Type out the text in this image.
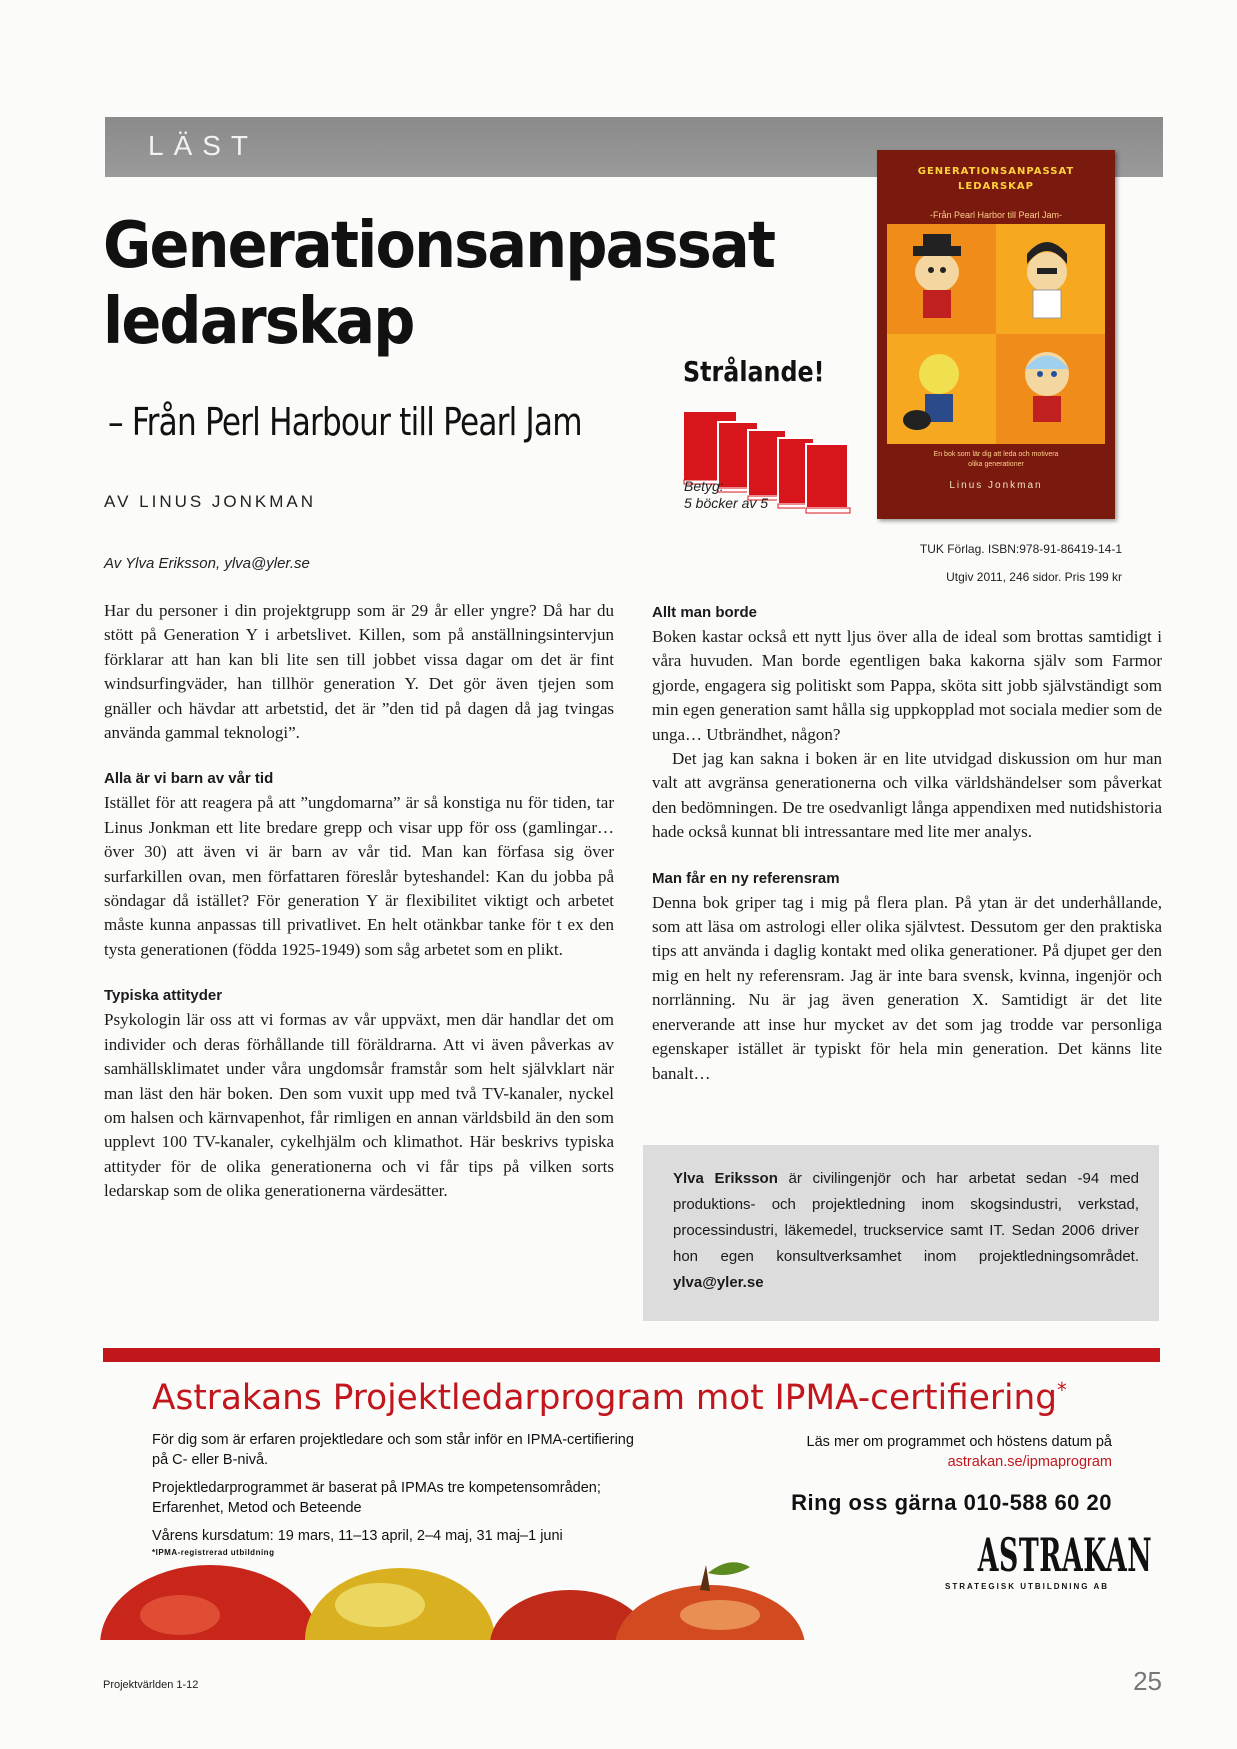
LÄST
Generationsanpassat
ledarskap
– Från Perl Harbour till Pearl Jam
AV LINUS JONKMAN
Av Ylva Eriksson, ylva@yler.se
Strålande!
Betyg:
5 böcker av 5
GENERATIONSANPASSAT
LEDARSKAP
-Från Pearl Harbor till Pearl Jam-
En bok som lär dig att leda och motivera
olika generationer
Linus Jonkman
TUK Förlag. ISBN:978-91-86419-14-1
Utgiv 2011, 246 sidor. Pris 199 kr

Har du personer i din projektgrupp som är 29 år eller yngre? Då har du stött på Generation Y i arbetslivet. Killen, som på anställningsintervjun förklarar att han kan bli lite sen till jobbet vissa dagar om det är fint windsurfingväder, han tillhör generation Y. Det gör även tjejen som gnäller och hävdar att arbetstid, det är ”den tid på dagen då jag tvingas använda gammal teknologi”.

Alla är vi barn av vår tid

Istället för att reagera på att ”ungdomarna” är så konstiga nu för tiden, tar Linus Jonkman ett lite bredare grepp och visar upp för oss (gamlingar…över 30) att även vi är barn av vår tid. Man kan förfasa sig över surfarkillen ovan, men författaren föreslår byteshandel: Kan du jobba på söndagar då istället? För generation Y är flexibilitet viktigt och arbetet måste kunna anpassas till privatlivet. En helt otänkbar tanke för t ex den tysta generationen (födda 1925-1949) som såg arbetet som en plikt.

Typiska attityder

Psykologin lär oss att vi formas av vår uppväxt, men där handlar det om individer och deras förhållande till föräldrarna. Att vi även påverkas av samhällsklimatet under våra ungdomsår framstår som helt självklart när man läst den här boken. Den som vuxit upp med två TV-kanaler, nyckel om halsen och kärnvapenhot, får rimligen en annan världsbild än den som upplevt 100 TV-kanaler, cykelhjälm och klimathot. Här beskrivs typiska attityder för de olika generationerna och vi får tips på vilken sorts ledarskap som de olika generationerna värdesätter.

Allt man borde

Boken kastar också ett nytt ljus över alla de ideal som brottas samtidigt i våra huvuden. Man borde egentligen baka kakorna själv som Farmor gjorde, engagera sig politiskt som Pappa, sköta sitt jobb självständigt som min egen generation samt hålla sig uppkopplad mot sociala medier som de unga… Utbrändhet, någon?

Det jag kan sakna i boken är en lite utvidgad diskussion om hur man valt att avgränsa generationerna och vilka världshändelser som påverkat den bedömningen. De tre osedvanligt långa appendixen med nutidshistoria hade också kunnat bli intressantare med lite mer analys.

Man får en ny referensram

Denna bok griper tag i mig på flera plan. På ytan är det underhållande, som att läsa om astrologi eller olika självtest. Dessutom ger den praktiska tips att använda i daglig kontakt med olika generationer. På djupet ger den mig en helt ny referensram. Jag är inte bara svensk, kvinna, ingenjör och norrlänning. Nu är jag även generation X. Samtidigt är det lite enerverande att inse hur mycket av det som jag trodde var personliga egenskaper istället är typiskt för hela min generation. Det känns lite banalt…

Ylva Eriksson är civilingenjör och har arbetat sedan -94 med produktions- och projektledning inom skogsindustri, verkstad, processindustri, läkemedel, truckservice samt IT. Sedan 2006 driver hon egen konsultverksamhet inom projektledningsområdet. ylva@yler.se
Astrakans Projektledarprogram mot IPMA-certifiering*

För dig som är erfaren projektledare och som står inför en IPMA-certifiering på C- eller B-nivå.

Projektledarprogrammet är baserat på IPMAs tre kompetensområden; Erfarenhet, Metod och Beteende

Vårens kursdatum: 19 mars, 11–13 april, 2–4 maj, 31 maj–1 juni

*IPMA-registrerad utbildning
Läs mer om programmet och höstens datum på
astrakan.se/ipmaprogram
Ring oss gärna 010-588 60 20
ASTRAKAN
STRATEGISK UTBILDNING AB
Projektvärlden 1-12	25
